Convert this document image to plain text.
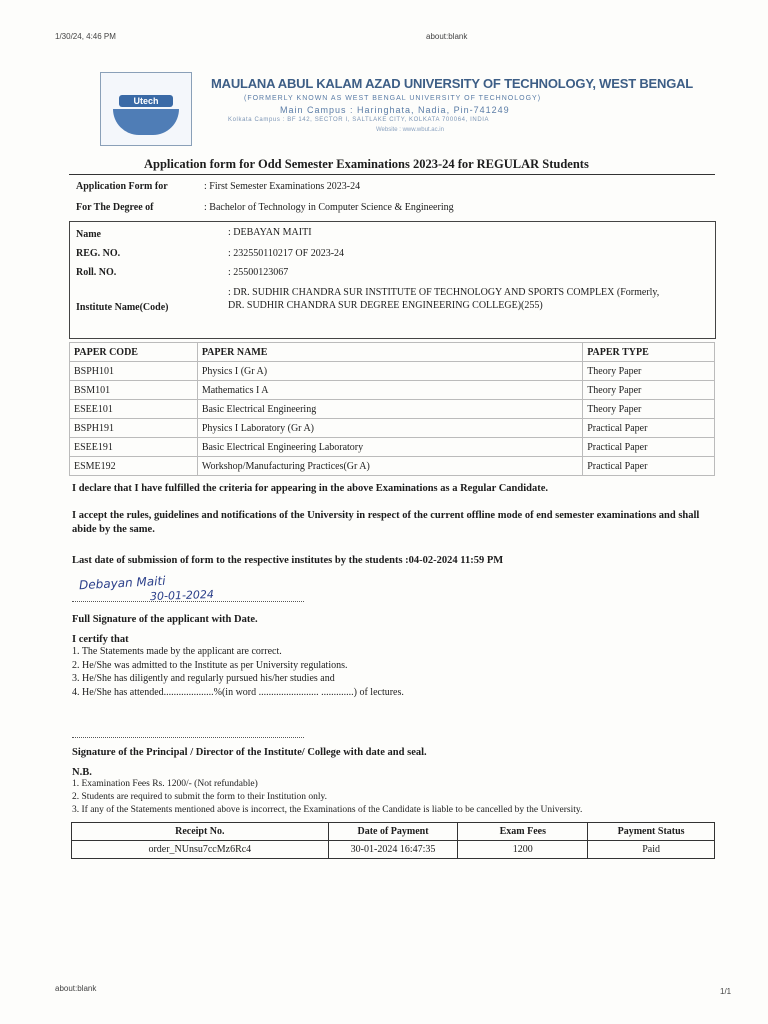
1/30/24, 4:46 PM	about:blank
Utech
MAULANA ABUL KALAM AZAD UNIVERSITY OF TECHNOLOGY, WEST BENGAL
(FORMERLY KNOWN AS WEST BENGAL UNIVERSITY OF TECHNOLOGY)
Main Campus : Haringhata, Nadia, Pin-741249
Kolkata Campus : BF 142, SECTOR I, SALTLAKE CITY, KOLKATA 700064, INDIA
Website : www.wbut.ac.in
Application form for Odd Semester Examinations 2023-24 for REGULAR Students
Application Form for	: First Semester Examinations 2023-24
For The Degree of	: Bachelor of Technology in Computer Science & Engineering
Name	: DEBAYAN MAITI
REG. NO.	: 232550110217 OF 2023-24
Roll. NO.	: 25500123067
Institute Name(Code)
: DR. SUDHIR CHANDRA SUR INSTITUTE OF TECHNOLOGY AND SPORTS COMPLEX (Formerly, DR. SUDHIR CHANDRA SUR DEGREE ENGINEERING COLLEGE)(255)
PAPER CODE	PAPER NAME	PAPER TYPE
BSPH101	Physics I (Gr A)	Theory Paper
BSM101	Mathematics I A	Theory Paper
ESEE101	Basic Electrical Engineering	Theory Paper
BSPH191	Physics I Laboratory (Gr A)	Practical Paper
ESEE191	Basic Electrical Engineering Laboratory	Practical Paper
ESME192	Workshop/Manufacturing Practices(Gr A)	Practical Paper
I declare that I have fulfilled the criteria for appearing in the above Examinations as a Regular Candidate.
I accept the rules, guidelines and notifications of the University in respect of the current offline mode of end semester examinations and shall abide by the same.
Last date of submission of form to the respective institutes by the students :04-02-2024 11:59 PM
Debayan Maiti
30-01-2024
Full Signature of the applicant with Date.
I certify that
1. The Statements made by the applicant are correct.
2. He/She was admitted to the Institute as per University regulations.
3. He/She has diligently and regularly pursued his/her studies and
4. He/She has attended....................%(in word ........................ .............) of lectures.
Signature of the Principal / Director of the Institute/ College with date and seal.
N.B.
1. Examination Fees Rs. 1200/- (Not refundable)
2. Students are required to submit the form to their Institution only.
3. If any of the Statements mentioned above is incorrect, the Examinations of the Candidate is liable to be cancelled by the University.
Receipt No.	Date of Payment	Exam Fees	Payment Status
order_NUnsu7ccMz6Rc4	30-01-2024 16:47:35	1200	Paid
about:blank	1/1
